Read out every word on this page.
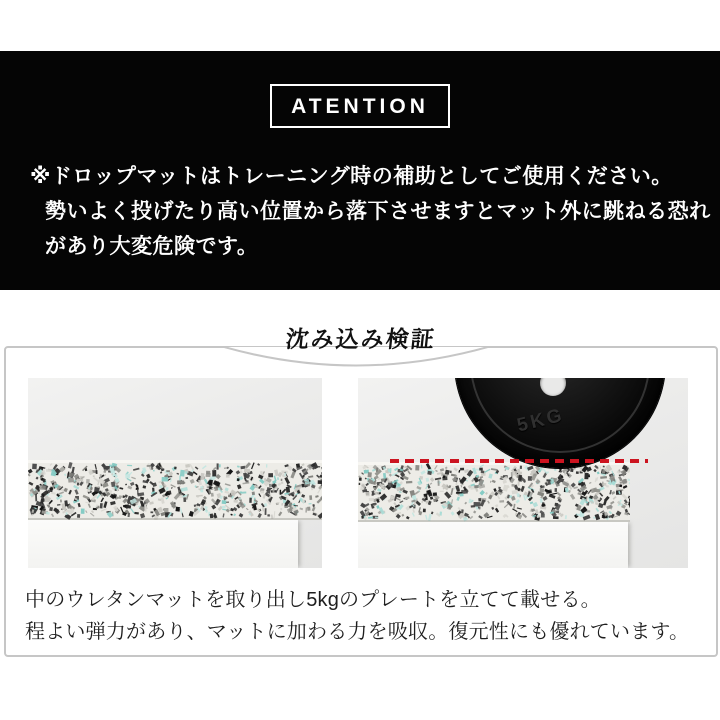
ATENTION
※ドロップマットはトレーニング時の補助としてご使用ください。
勢いよく投げたり高い位置から落下させますとマット外に跳ねる恐れ
があり大変危険です。
沈み込み検証
5KG
中のウレタンマットを取り出し5kgのプレートを立てて載せる。
程よい弾力があり、マットに加わる力を吸収。復元性にも優れています。
